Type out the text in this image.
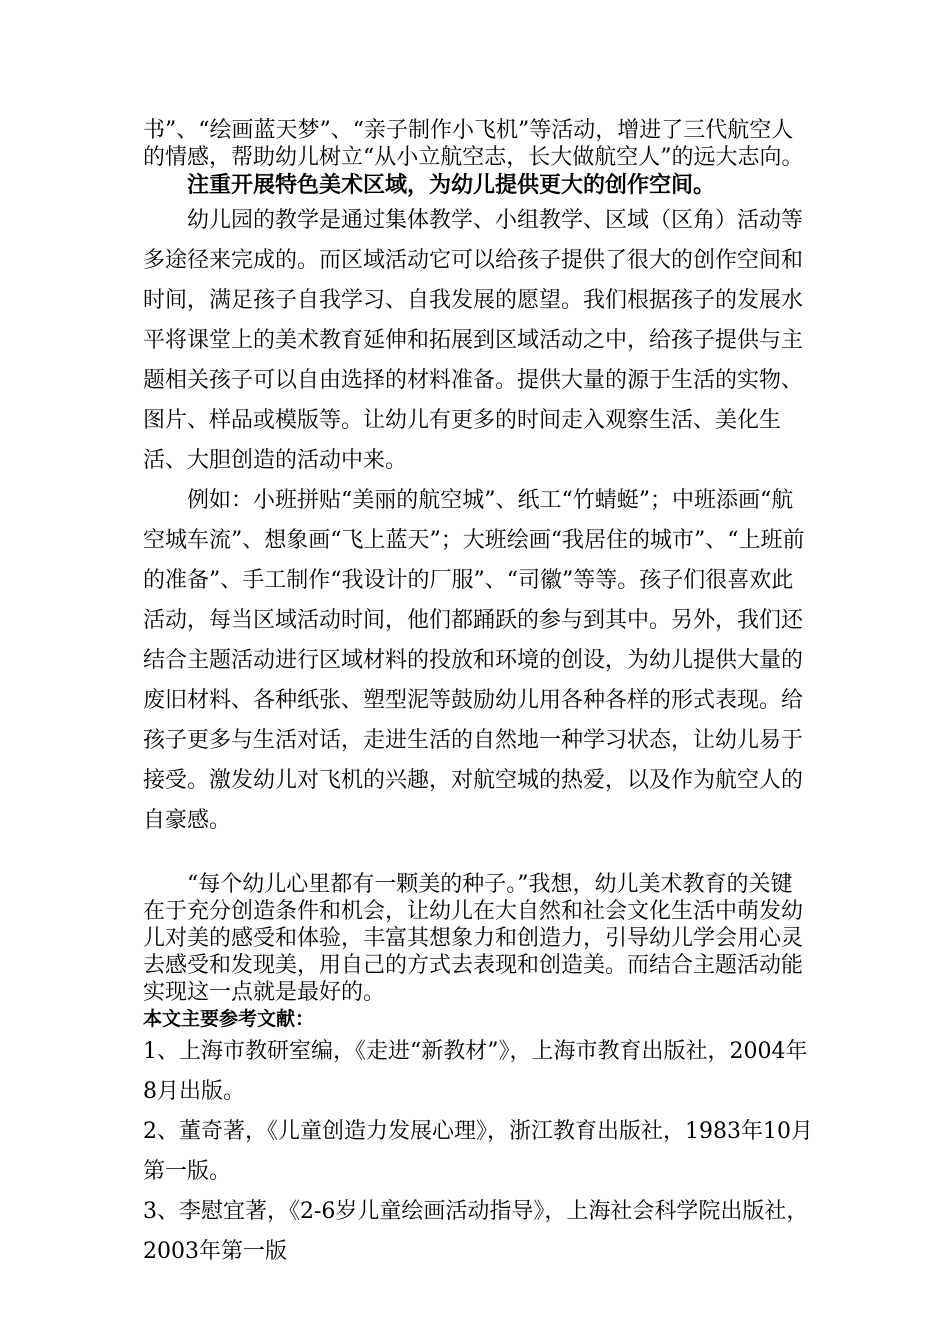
书”、“绘画蓝天梦”、“亲子制作小飞机”等活动，增进了三代航空人的情感，帮助幼儿树立“从小立航空志，长大做航空人”的远大志向。

注重开展特色美术区域，为幼儿提供更大的创作空间。

幼儿园的教学是通过集体教学、小组教学、区域（区角）活动等多途径来完成的。而区域活动它可以给孩子提供了很大的创作空间和时间，满足孩子自我学习、自我发展的愿望。我们根据孩子的发展水平将课堂上的美术教育延伸和拓展到区域活动之中，给孩子提供与主题相关孩子可以自由选择的材料准备。提供大量的源于生活的实物、图片、样品或模版等。让幼儿有更多的时间走入观察生活、美化生活、大胆创造的活动中来。

例如：小班拼贴“美丽的航空城”、纸工“竹蜻蜓”；中班添画“航空城车流”、想象画“飞上蓝天”；大班绘画“我居住的城市”、“上班前的准备”、手工制作“我设计的厂服”、“司徽”等等。孩子们很喜欢此活动，每当区域活动时间，他们都踊跃的参与到其中。另外，我们还结合主题活动进行区域材料的投放和环境的创设，为幼儿提供大量的废旧材料、各种纸张、塑型泥等鼓励幼儿用各种各样的形式表现。给孩子更多与生活对话，走进生活的自然地一种学习状态，让幼儿易于接受。激发幼儿对飞机的兴趣，对航空城的热爱，以及作为航空人的自豪感。

“每个幼儿心里都有一颗美的种子。”我想，幼儿美术教育的关键在于充分创造条件和机会，让幼儿在大自然和社会文化生活中萌发幼儿对美的感受和体验，丰富其想象力和创造力，引导幼儿学会用心灵去感受和发现美，用自己的方式去表现和创造美。而结合主题活动能实现这一点就是最好的。

本文主要参考文献：

1、上海市教研室编，《走进“新教材”》，上海市教育出版社，2004年8月出版。

2、董奇著，《儿童创造力发展心理》，浙江教育出版社，1983年10月第一版。

3、李慰宜著，《2-6岁儿童绘画活动指导》，上海社会科学院出版社，2003年第一版
